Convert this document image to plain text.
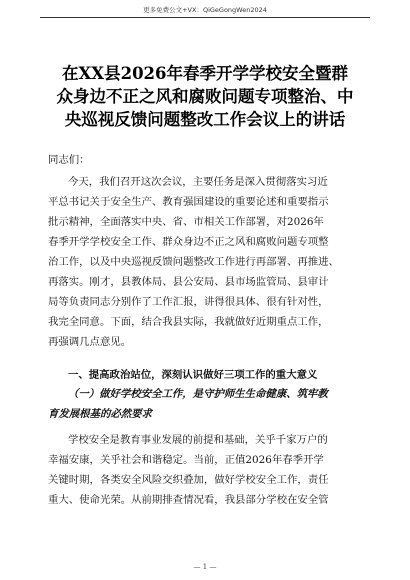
更多免费公文+VX：QiGeGongWen2024
在XX县2026年春季开学学校安全暨群
众身边不正之风和腐败问题专项整治、中
央巡视反馈问题整改工作会议上的讲话
同志们：
今天，我们召开这次会议，主要任务是深入贯彻落实习近
平总书记关于安全生产、教育强国建设的重要论述和重要指示
批示精神，全面落实中央、省、市相关工作部署，对2026年
春季开学学校安全工作、群众身边不正之风和腐败问题专项整
治工作，以及中央巡视反馈问题整改工作进行再部署、再推进、
再落实。刚才，县教体局、县公安局、县市场监管局、县审计
局等负责同志分别作了工作汇报，讲得很具体、很有针对性，
我完全同意。下面，结合我县实际，我就做好近期重点工作，
再强调几点意见。
一、提高政治站位，深刻认识做好三项工作的重大意义
（一）做好学校安全工作，是守护师生生命健康、筑牢教
育发展根基的必然要求
学校安全是教育事业发展的前提和基础，关乎千家万户的
幸福安康，关乎社会和谐稳定。当前，正值2026年春季开学
关键时期，各类安全风险交织叠加，做好学校安全工作，责任
重大、使命光荣。从前期排查情况看，我县部分学校在安全管
— 1 —
